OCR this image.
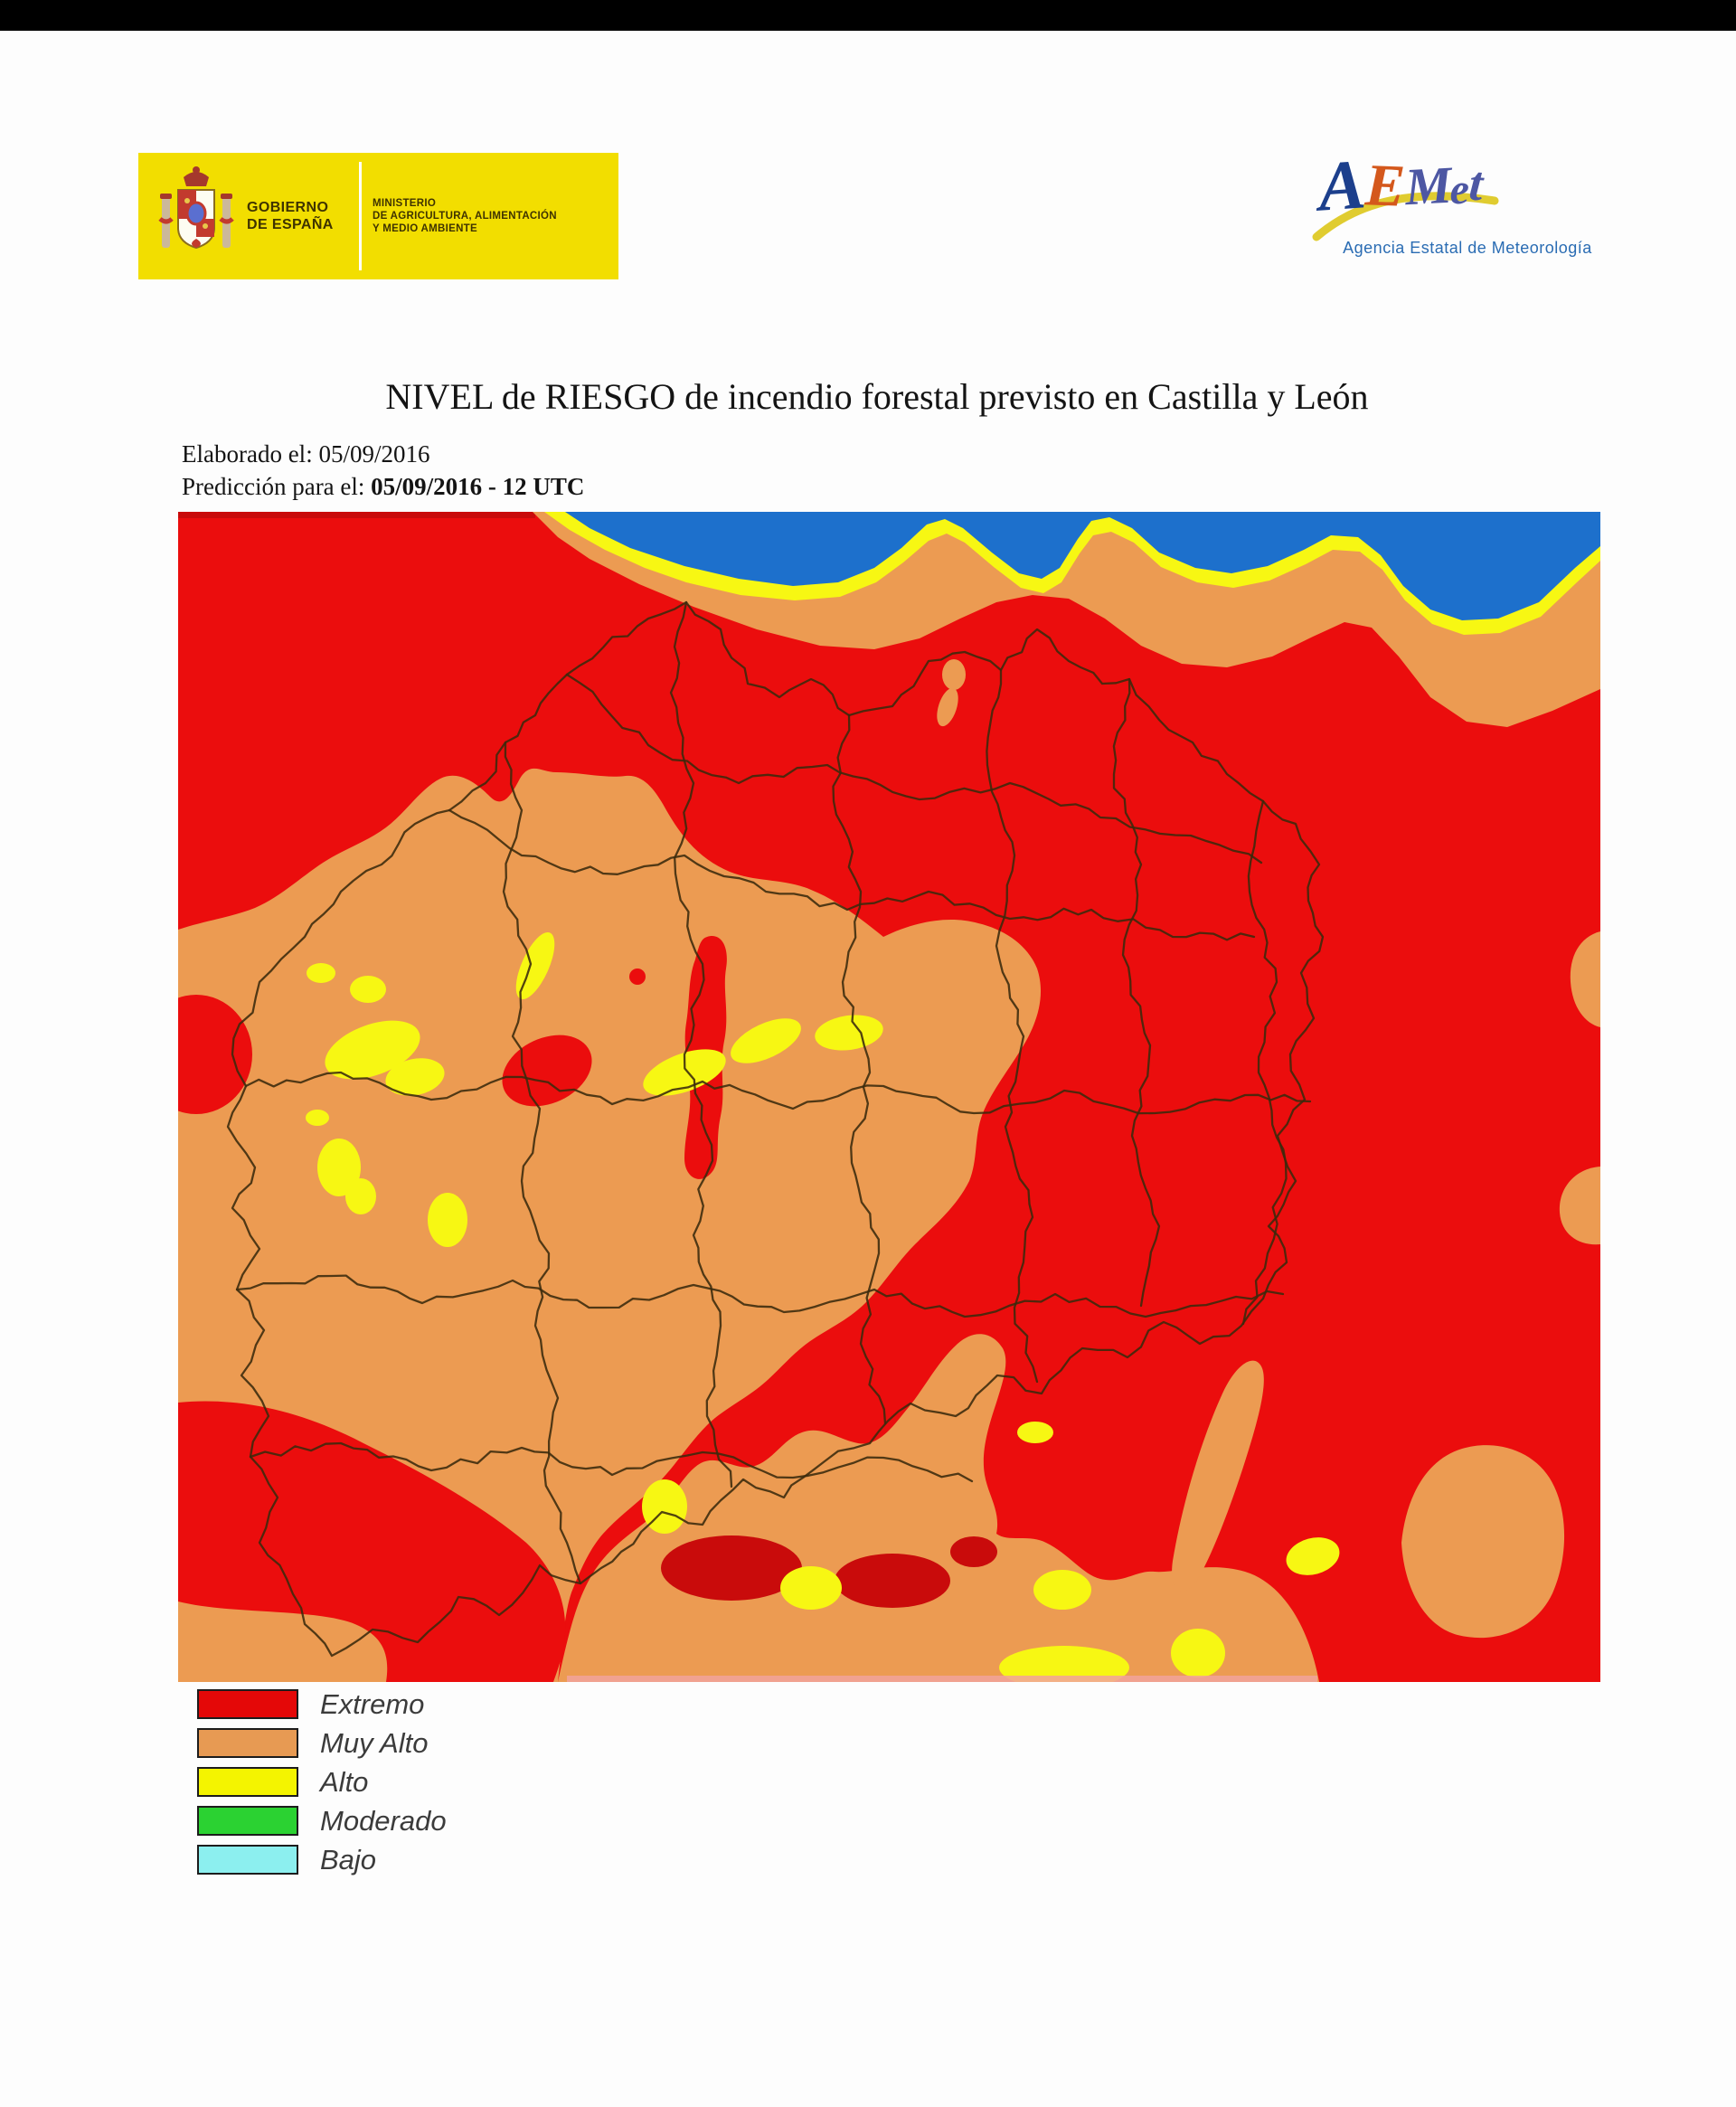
GOBIERNO
DE ESPAÑA
MINISTERIO
DE AGRICULTURA, ALIMENTACIÓN
Y MEDIO AMBIENTE
AEMet
Agencia Estatal de Meteorología
NIVEL de RIESGO de incendio forestal previsto en Castilla y León
Elaborado el: 05/09/2016
Predicción para el: 05/09/2016 - 12 UTC
Extremo
Muy Alto
Alto
Moderado
Bajo
